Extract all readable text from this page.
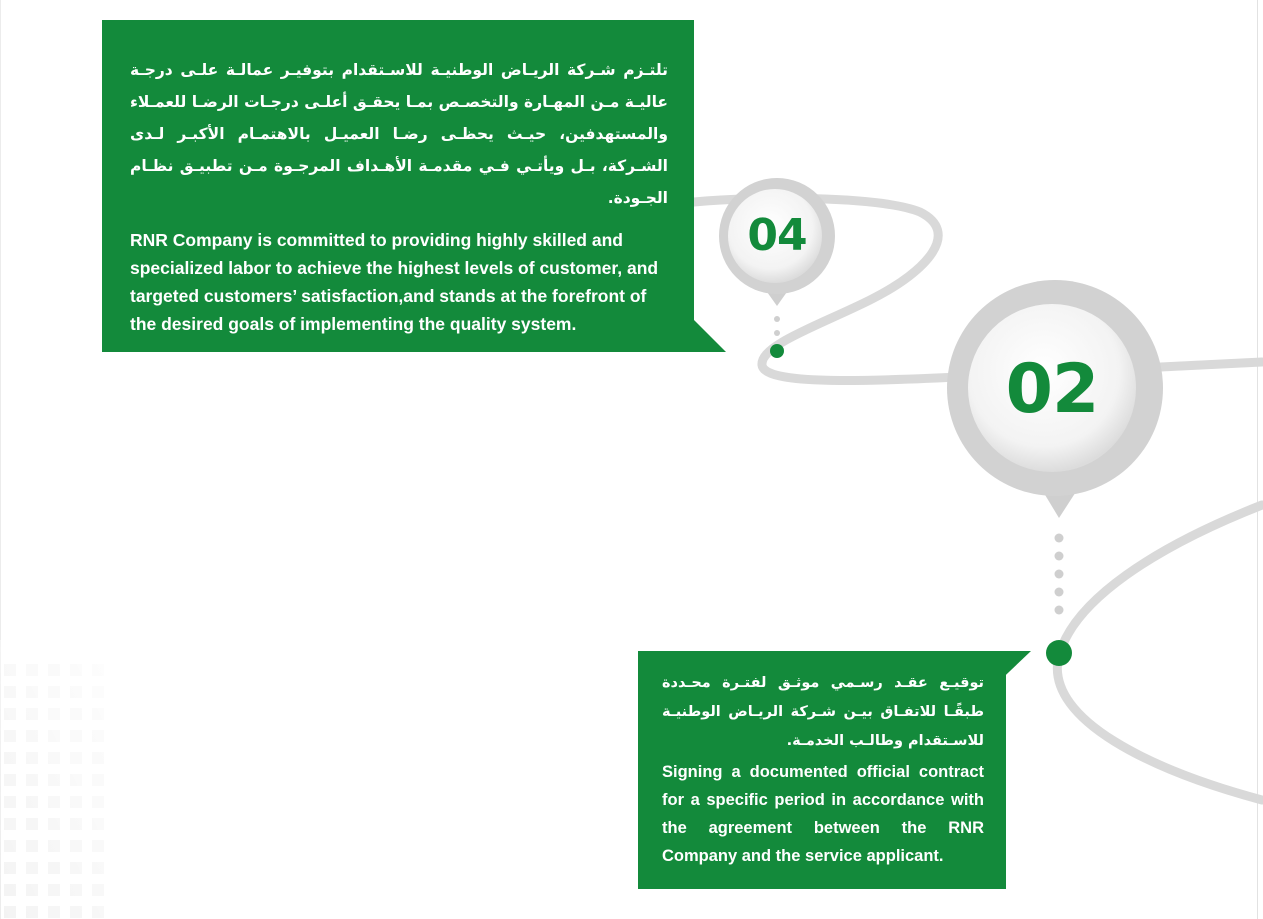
04
02

تلتـزم شـركة الريـاض الوطنيـة للاسـتقدام بتوفيـر عمالـة علـى درجـة عاليـة مـن المهـارة والتخصـص بمـا يحقـق أعلـى درجـات الرضـا للعمـلاء والمستهدفين، حيـث يحظـى رضـا العميـل بالاهتمـام الأكبـر لـدى الشـركة، بـل ويأتـي فـي مقدمـة الأهـداف المرجـوة مـن تطبيـق نظـام الجـودة.

RNR Company is committed to providing highly skilled and specialized labor to achieve the highest levels of customer, and targeted customers’ satisfaction,and stands at the forefront of the desired goals of implementing the quality system.

توقيـع عقـد رسـمي موثـق لفتـرة محـددة طبقًـا للاتفـاق بيـن شـركة الريـاض الوطنيـة للاسـتقدام وطالـب الخدمـة.

Signing a documented official contract for a specific period in accordance with the agreement between the RNR Company and the service applicant.
